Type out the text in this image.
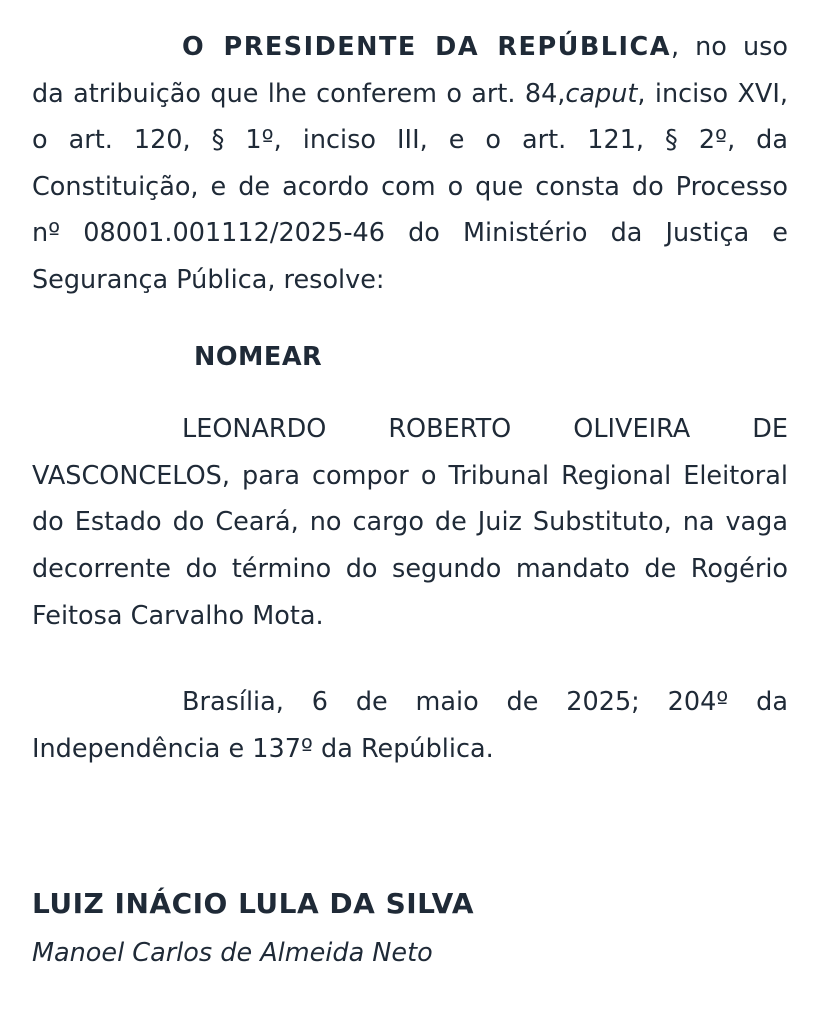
O PRESIDENTE DA REPÚBLICA, no uso da atribuição que lhe conferem o art. 84,caput, inciso XVI, o art. 120, § 1º, inciso III, e o art. 121, § 2º, da Constituição, e de acordo com o que consta do Processo nº 08001.001112/2025-46 do Ministério da Justiça e Segurança Pública, resolve:

NOMEAR

LEONARDO ROBERTO OLIVEIRA DE VASCONCELOS, para compor o Tribunal Regional Eleitoral do Estado do Ceará, no cargo de Juiz Substituto, na vaga decorrente do término do segundo mandato de Rogério Feitosa Carvalho Mota.

Brasília, 6 de maio de 2025; 204º da Independência e 137º da República.

LUIZ INÁCIO LULA DA SILVA

Manoel Carlos de Almeida Neto
